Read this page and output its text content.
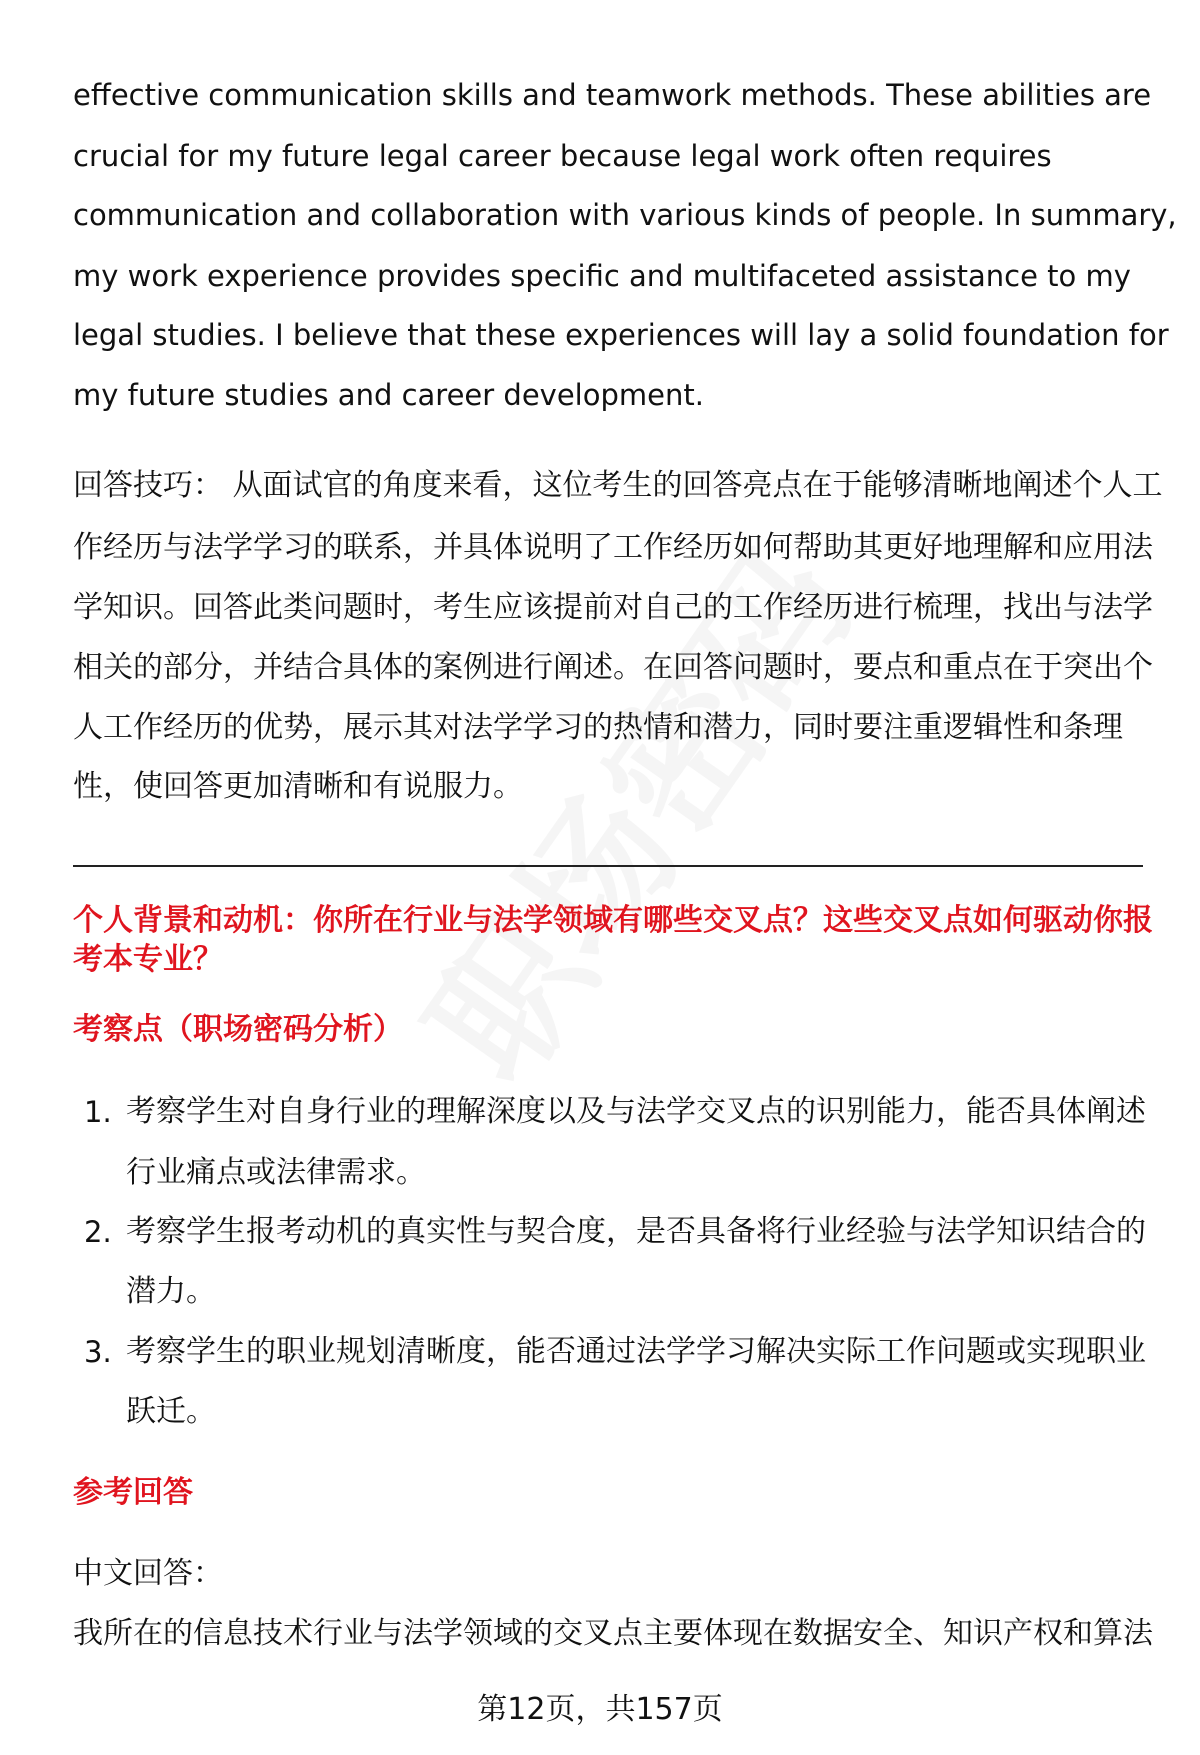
effective communication skills and teamwork methods. These abilities are
crucial for my future legal career because legal work often requires
communication and collaboration with various kinds of people. In summary,
my work experience provides specific and multifaceted assistance to my
legal studies. I believe that these experiences will lay a solid foundation for
my future studies and career development.
回答技巧： 从面试官的角度来看，这位考生的回答亮点在于能够清晰地阐述个人工
作经历与法学学习的联系，并具体说明了工作经历如何帮助其更好地理解和应用法
学知识。回答此类问题时，考生应该提前对自己的工作经历进行梳理，找出与法学
相关的部分，并结合具体的案例进行阐述。在回答问题时，要点和重点在于突出个
人工作经历的优势，展示其对法学学习的热情和潜力，同时要注重逻辑性和条理
性，使回答更加清晰和有说服力。
个人背景和动机：你所在行业与法学领域有哪些交叉点？这些交叉点如何驱动你报
考本专业？
考察点（职场密码分析）
1. 考察学生对自身行业的理解深度以及与法学交叉点的识别能力，能否具体阐述
行业痛点或法律需求。
2. 考察学生报考动机的真实性与契合度，是否具备将行业经验与法学知识结合的
潜力。
3. 考察学生的职业规划清晰度，能否通过法学学习解决实际工作问题或实现职业
跃迁。
参考回答
中文回答：
我所在的信息技术行业与法学领域的交叉点主要体现在数据安全、知识产权和算法
第12页，共157页
